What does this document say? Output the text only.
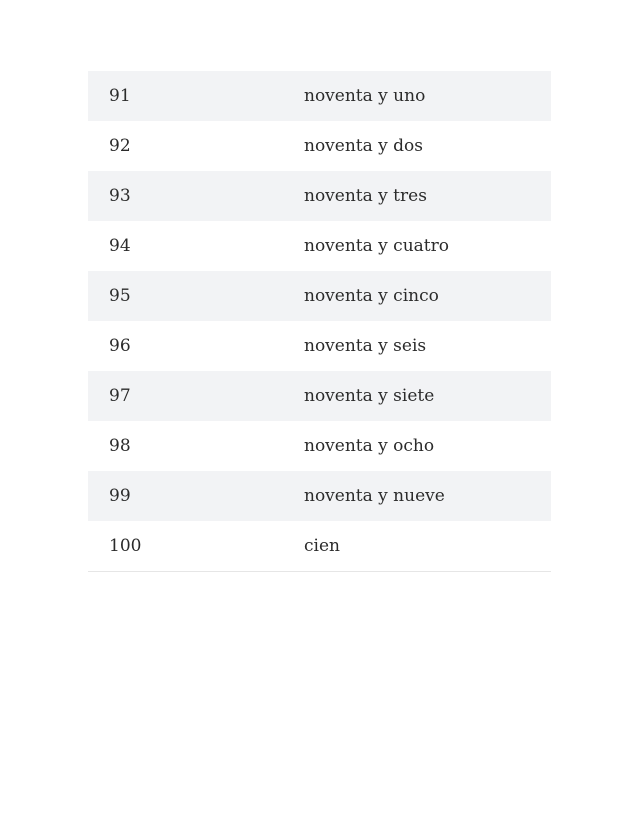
91	noventa y uno
92	noventa y dos
93	noventa y tres
94	noventa y cuatro
95	noventa y cinco
96	noventa y seis
97	noventa y siete
98	noventa y ocho
99	noventa y nueve
100	cien
